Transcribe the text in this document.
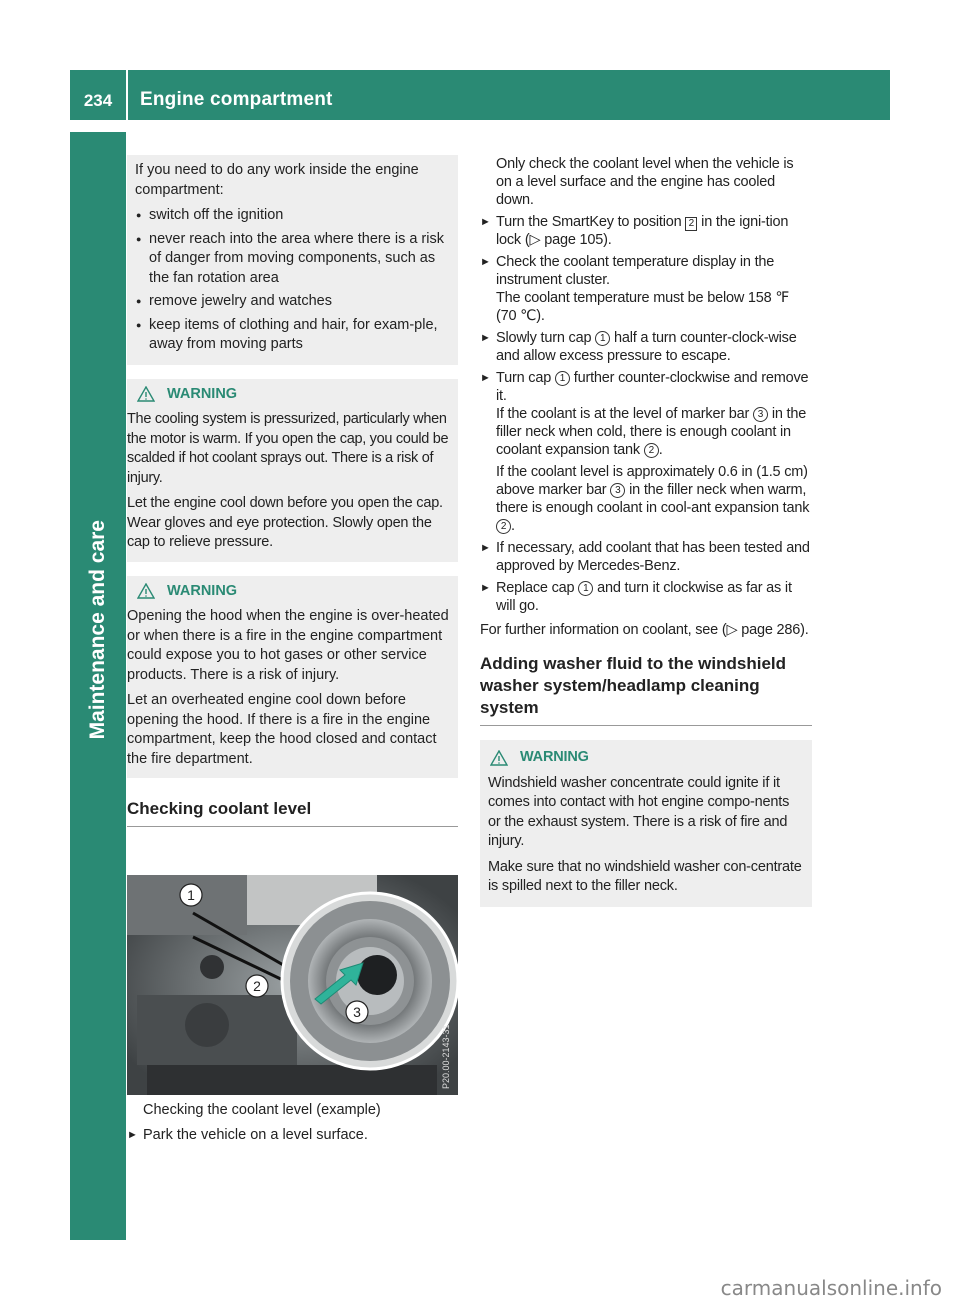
234	Engine compartment
Maintenance and care

If you need to do any work inside the engine compartment:

● switch off the ignition
● never reach into the area where there is a risk of danger from moving components, such as the fan rotation area
● remove jewelry and watches
● keep items of clothing and hair, for exam-ple, away from moving parts
WARNING

The cooling system is pressurized, particularly when the motor is warm. If you open the cap, you could be scalded if hot coolant sprays out. There is a risk of injury.

Let the engine cool down before you open the cap. Wear gloves and eye protection. Slowly open the cap to relieve pressure.

WARNING

Opening the hood when the engine is over-heated or when there is a fire in the engine compartment could expose you to hot gases or other service products. There is a risk of injury.

Let an overheated engine cool down before opening the hood. If there is a fire in the engine compartment, keep the hood closed and contact the fire department.

Checking coolant level
1
2
3
P20.00-2143-31
Checking the coolant level (example)
► Park the vehicle on a level surface.
Only check the coolant level when the vehicle is on a level surface and the engine has cooled down.
► Turn the SmartKey to position 2 in the igni-tion lock (▷ page 105).
► Check the coolant temperature display in the instrument cluster.
The coolant temperature must be below 158 ℉ (70 ℃).
► Slowly turn cap 1 half a turn counter-clock-wise and allow excess pressure to escape.
► Turn cap 1 further counter-clockwise and remove it.
If the coolant is at the level of marker bar 3 in the filler neck when cold, there is enough coolant in coolant expansion tank 2 .
If the coolant level is approximately 0.6 in (1.5 cm) above marker bar 3 in the filler neck when warm, there is enough coolant in cool-ant expansion tank 2 .
► If necessary, add coolant that has been tested and approved by Mercedes-Benz.
► Replace cap 1 and turn it clockwise as far as it will go.
For further information on coolant, see (▷ page 286).
Adding washer fluid to the windshield washer system/headlamp cleaning system
WARNING

Windshield washer concentrate could ignite if it comes into contact with hot engine compo-nents or the exhaust system. There is a risk of fire and injury.

Make sure that no windshield washer con-centrate is spilled next to the filler neck.

carmanualsonline.info
